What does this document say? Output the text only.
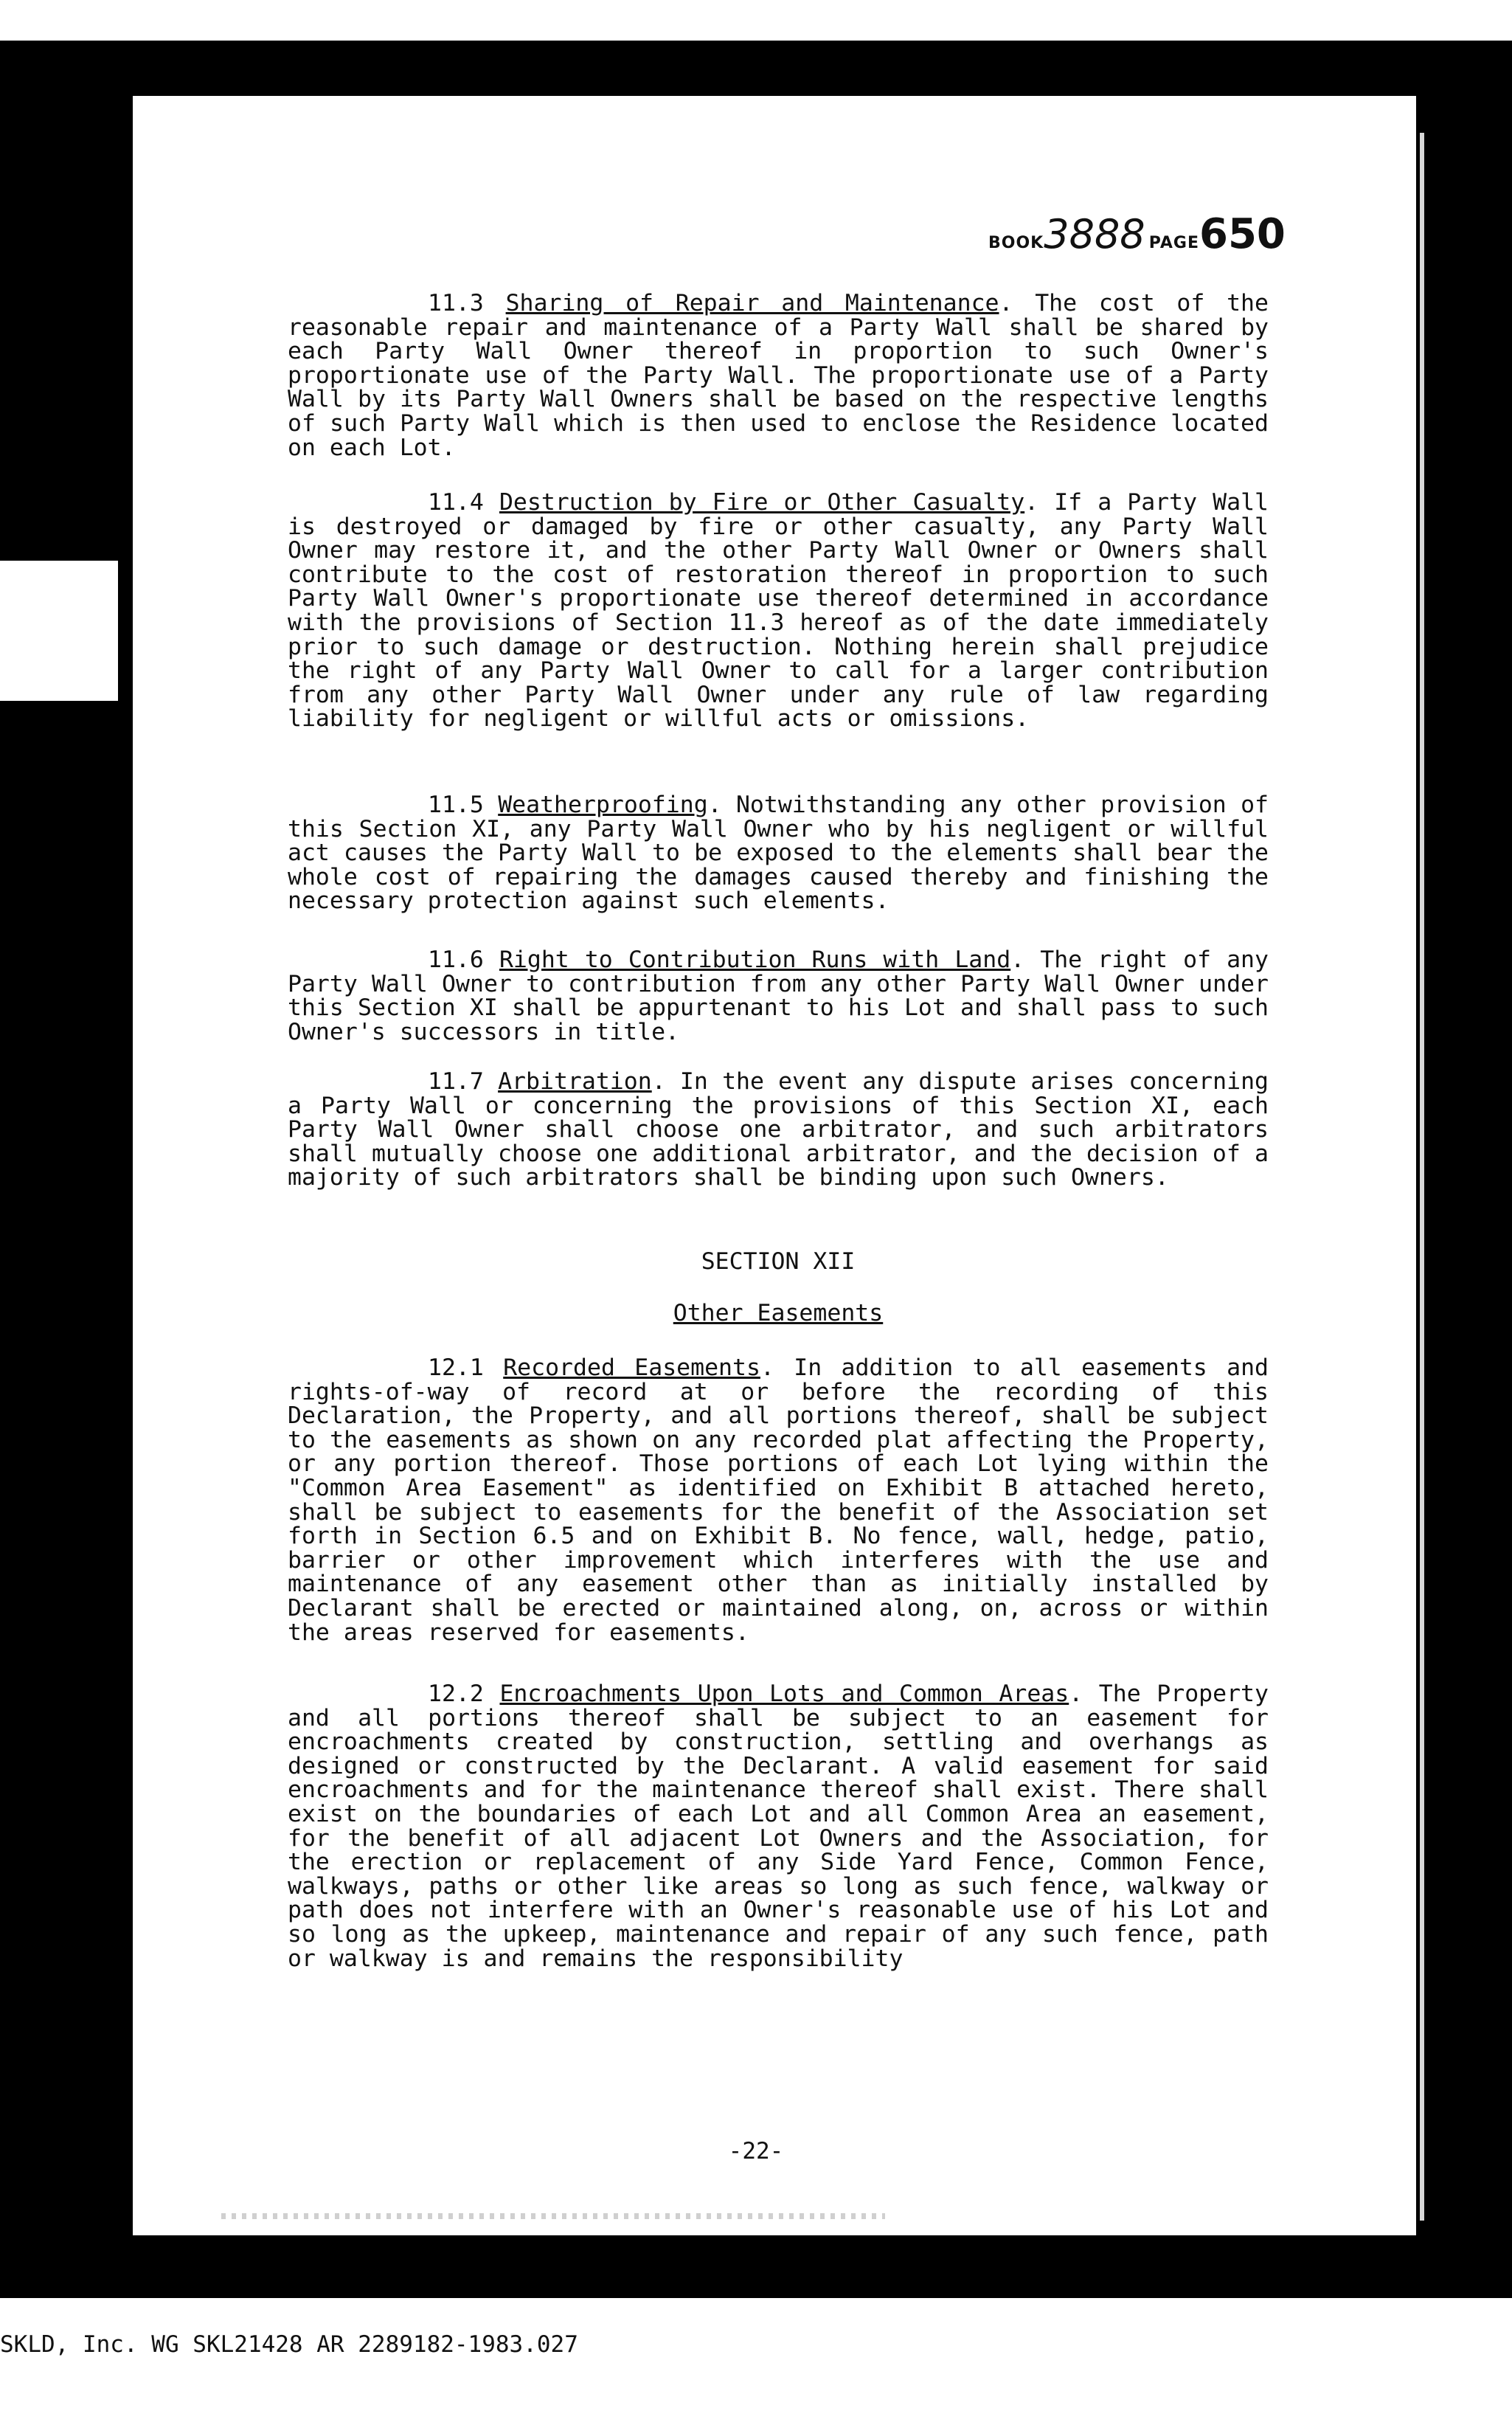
BOOK3888 PAGE650
11.3 Sharing of Repair and Maintenance. The cost of the reasonable repair and maintenance of a Party Wall shall be shared by each Party Wall Owner thereof in proportion to such Owner's proportionate use of the Party Wall. The proportionate use of a Party Wall by its Party Wall Owners shall be based on the respective lengths of such Party Wall which is then used to enclose the Residence located on each Lot.
11.4 Destruction by Fire or Other Casualty. If a Party Wall is destroyed or damaged by fire or other casualty, any Party Wall Owner may restore it, and the other Party Wall Owner or Owners shall contribute to the cost of restoration thereof in proportion to such Party Wall Owner's proportionate use thereof determined in accordance with the provisions of Section 11.3 hereof as of the date immediately prior to such damage or destruction. Nothing herein shall prejudice the right of any Party Wall Owner to call for a larger contribution from any other Party Wall Owner under any rule of law regarding liability for negligent or willful acts or omissions.
11.5 Weatherproofing. Notwithstanding any other provision of this Section XI, any Party Wall Owner who by his negligent or willful act causes the Party Wall to be exposed to the elements shall bear the whole cost of repairing the damages caused thereby and finishing the necessary protection against such elements.
11.6 Right to Contribution Runs with Land. The right of any Party Wall Owner to contribution from any other Party Wall Owner under this Section XI shall be appurtenant to his Lot and shall pass to such Owner's successors in title.
11.7 Arbitration. In the event any dispute arises concerning a Party Wall or concerning the provisions of this Section XI, each Party Wall Owner shall choose one arbitrator, and such arbitrators shall mutually choose one additional arbitrator, and the decision of a majority of such arbitrators shall be binding upon such Owners.
SECTION XII
Other Easements
12.1 Recorded Easements. In addition to all easements and rights-of-way of record at or before the recording of this Declaration, the Property, and all portions thereof, shall be subject to the easements as shown on any recorded plat affecting the Property, or any portion thereof. Those portions of each Lot lying within the "Common Area Easement" as identified on Exhibit B attached hereto, shall be subject to easements for the benefit of the Association set forth in Section 6.5 and on Exhibit B. No fence, wall, hedge, patio, barrier or other improvement which interferes with the use and maintenance of any easement other than as initially installed by Declarant shall be erected or maintained along, on, across or within the areas reserved for easements.
12.2 Encroachments Upon Lots and Common Areas. The Property and all portions thereof shall be subject to an easement for encroachments created by construction, settling and overhangs as designed or constructed by the Declarant. A valid easement for said encroachments and for the maintenance thereof shall exist. There shall exist on the boundaries of each Lot and all Common Area an easement, for the benefit of all adjacent Lot Owners and the Association, for the erection or replacement of any Side Yard Fence, Common Fence, walkways, paths or other like areas so long as such fence, walkway or path does not interfere with an Owner's reasonable use of his Lot and so long as the upkeep, maintenance and repair of any such fence, path or walkway is and remains the responsibility
-22-
SKLD, Inc. WG SKL21428 AR 2289182-1983.027
